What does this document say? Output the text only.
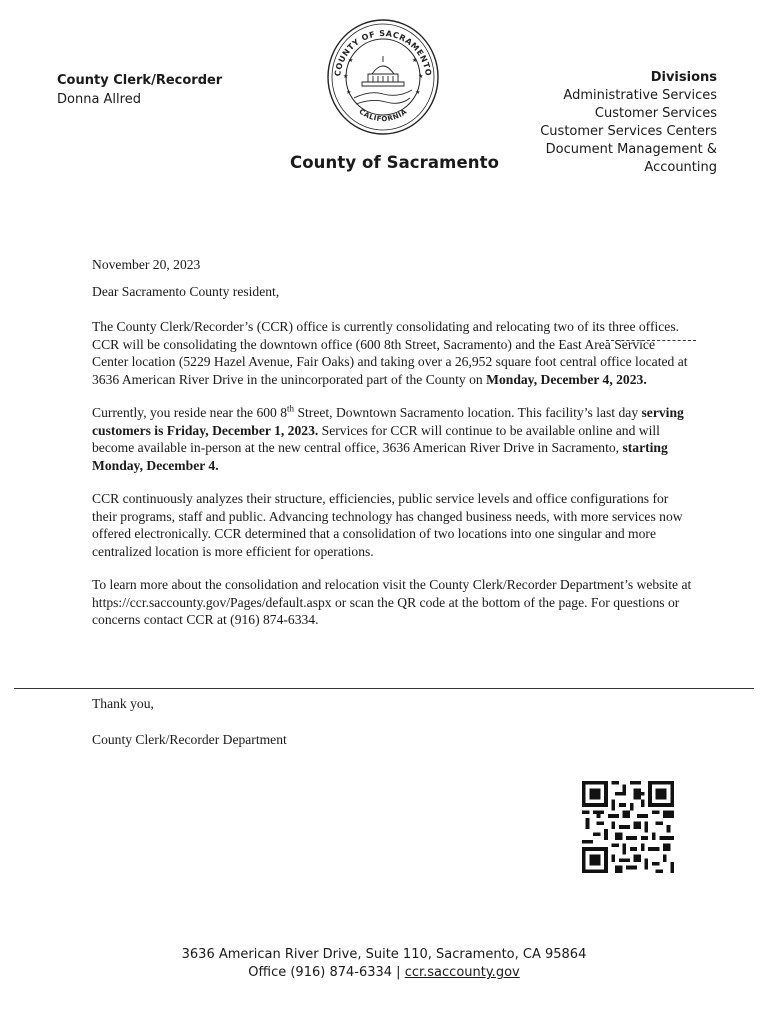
County Clerk/Recorder
Donna Allred
COUNTY OF SACRAMENTO
CALIFORNIA
★	★
★	★
★	★
County of Sacramento
Divisions
Administrative Services
Customer Services
Customer Services Centers
Document Management &
Accounting

November 20, 2023

Dear Sacramento County resident,

The County Clerk/Recorder’s (CCR) office is currently consolidating and relocating two of its three offices. CCR will be consolidating the downtown office (600 8th Street, Sacramento) and the East Area Service Center location (5229 Hazel Avenue, Fair Oaks) and taking over a 26,952 square foot central office located at 3636 American River Drive in the unincorporated part of the County on Monday, December 4, 2023.

Currently, you reside near the 600 8th Street, Downtown Sacramento location. This facility’s last day serving customers is Friday, December 1, 2023. Services for CCR will continue to be available online and will become available in-person at the new central office, 3636 American River Drive in Sacramento, starting Monday, December 4.

CCR continuously analyzes their structure, efficiencies, public service levels and office configurations for their programs, staff and public. Advancing technology has changed business needs, with more services now offered electronically. CCR determined that a consolidation of two locations into one singular and more centralized location is more efficient for operations.

To learn more about the consolidation and relocation visit the County Clerk/Recorder Department’s website at https://ccr.saccounty.gov/Pages/default.aspx or scan the QR code at the bottom of the page. For questions or concerns contact CCR at (916) 874-6334.

Thank you,

County Clerk/Recorder Department

3636 American River Drive, Suite 110, Sacramento, CA 95864
Office (916) 874-6334 | ccr.saccounty.gov
